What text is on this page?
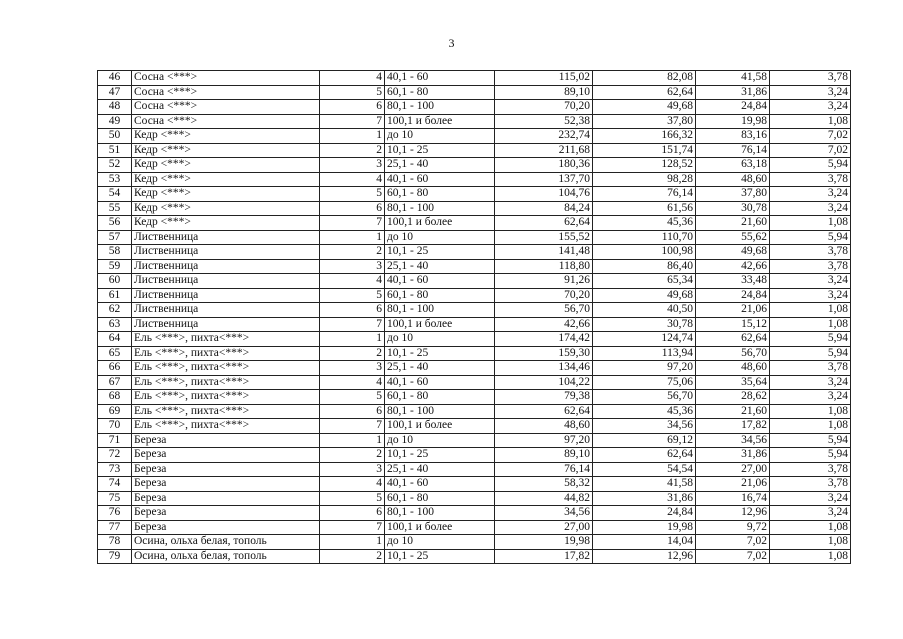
3
46	Сосна <***>	4	40,1 - 60	115,02	82,08	41,58	3,78
47	Сосна <***>	5	60,1 - 80	89,10	62,64	31,86	3,24
48	Сосна <***>	6	80,1 - 100	70,20	49,68	24,84	3,24
49	Сосна <***>	7	100,1 и более	52,38	37,80	19,98	1,08
50	Кедр <***>	1	до 10	232,74	166,32	83,16	7,02
51	Кедр <***>	2	10,1 - 25	211,68	151,74	76,14	7,02
52	Кедр <***>	3	25,1 - 40	180,36	128,52	63,18	5,94
53	Кедр <***>	4	40,1 - 60	137,70	98,28	48,60	3,78
54	Кедр <***>	5	60,1 - 80	104,76	76,14	37,80	3,24
55	Кедр <***>	6	80,1 - 100	84,24	61,56	30,78	3,24
56	Кедр <***>	7	100,1 и более	62,64	45,36	21,60	1,08
57	Лиственница	1	до 10	155,52	110,70	55,62	5,94
58	Лиственница	2	10,1 - 25	141,48	100,98	49,68	3,78
59	Лиственница	3	25,1 - 40	118,80	86,40	42,66	3,78
60	Лиственница	4	40,1 - 60	91,26	65,34	33,48	3,24
61	Лиственница	5	60,1 - 80	70,20	49,68	24,84	3,24
62	Лиственница	6	80,1 - 100	56,70	40,50	21,06	1,08
63	Лиственница	7	100,1 и более	42,66	30,78	15,12	1,08
64	Ель <***>, пихта<***>	1	до 10	174,42	124,74	62,64	5,94
65	Ель <***>, пихта<***>	2	10,1 - 25	159,30	113,94	56,70	5,94
66	Ель <***>, пихта<***>	3	25,1 - 40	134,46	97,20	48,60	3,78
67	Ель <***>, пихта<***>	4	40,1 - 60	104,22	75,06	35,64	3,24
68	Ель <***>, пихта<***>	5	60,1 - 80	79,38	56,70	28,62	3,24
69	Ель <***>, пихта<***>	6	80,1 - 100	62,64	45,36	21,60	1,08
70	Ель <***>, пихта<***>	7	100,1 и более	48,60	34,56	17,82	1,08
71	Береза	1	до 10	97,20	69,12	34,56	5,94
72	Береза	2	10,1 - 25	89,10	62,64	31,86	5,94
73	Береза	3	25,1 - 40	76,14	54,54	27,00	3,78
74	Береза	4	40,1 - 60	58,32	41,58	21,06	3,78
75	Береза	5	60,1 - 80	44,82	31,86	16,74	3,24
76	Береза	6	80,1 - 100	34,56	24,84	12,96	3,24
77	Береза	7	100,1 и более	27,00	19,98	9,72	1,08
78	Осина, ольха белая, тополь	1	до 10	19,98	14,04	7,02	1,08
79	Осина, ольха белая, тополь	2	10,1 - 25	17,82	12,96	7,02	1,08
